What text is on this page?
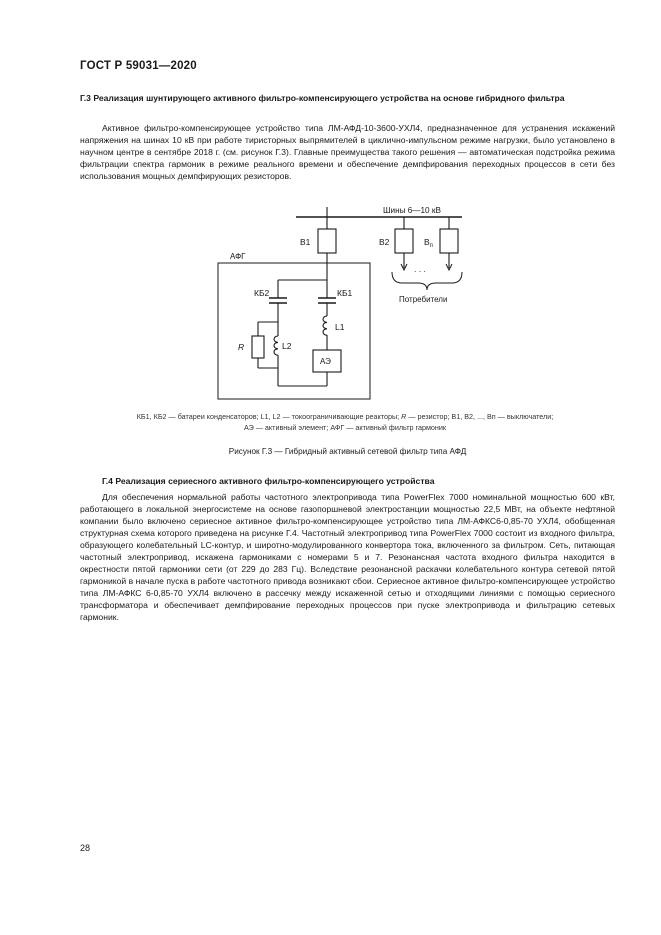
ГОСТ Р 59031—2020
Г.3 Реализация шунтирующего активного фильтро-компенсирующего устройства на основе гибридного фильтра
Активное фильтро-компенсирующее устройство типа ЛМ-АФД-10-3600-УХЛ4, предназначенное для устранения искажений напряжения на шинах 10 кВ при работе тиристорных выпрямителей в циклично-импульсном режиме нагрузки, было установлено в научном центре в сентябре 2018 г. (см. рисунок Г.3). Главные преимущества такого решения — автоматическая подстройка режима фильтрации спектра гармоник в режиме реального времени и обеспечение демпфирования переходных процессов в сети без использования мощных демпфирующих резисторов.
Шины 6—10 кВ
АФГ
В1	В2	$В_п$
КБ2	КБ1
L1
L2
R
АЭ
. . .
Потребители
КБ1, КБ2 — батареи конденсаторов; L1, L2 — токоограничивающие реакторы; R — резистор; В1, В2, ..., Вп — выключатели;
АЭ — активный элемент; АФГ — активный фильтр гармоник
Рисунок Г.3 — Гибридный активный сетевой фильтр типа АФД
Г.4 Реализация сериесного активного фильтро-компенсирующего устройства
Для обеспечения нормальной работы частотного электропривода типа PowerFlex 7000 номинальной мощностью 600 кВт, работающего в локальной энергосистеме на основе газопоршневой электростанции мощностью 22,5 МВт, на объекте нефтяной компании было включено сериесное активное фильтро-компенсирующее устройство типа ЛМ-АФКС6-0,85-70 УХЛ4, обобщенная структурная схема которого приведена на рисунке Г.4. Частотный электропривод типа PowerFlex 7000 состоит из входного фильтра, образующего колебательный LC-контур, и широтно-модулированного конвертора тока, включенного за фильтром. Сеть, питающая частотный электропривод, искажена гармониками с номерами 5 и 7. Резонансная частота входного фильтра находится в окрестности пятой гармоники сети (от 229 до 283 Гц). Вследствие резонансной раскачки колебательного контура сетевой пятой гармоникой в начале пуска в работе частотного привода возникают сбои. Сериесное активное фильтро-компенсирующее устройство типа ЛМ-АФКС 6-0,85-70 УХЛ4 включено в рассечку между искаженной сетью и отходящими линиями с помощью сериесного трансформатора и обеспечивает демпфирование переходных процессов при пуске электропривода и фильтрацию сетевых гармоник.
28
